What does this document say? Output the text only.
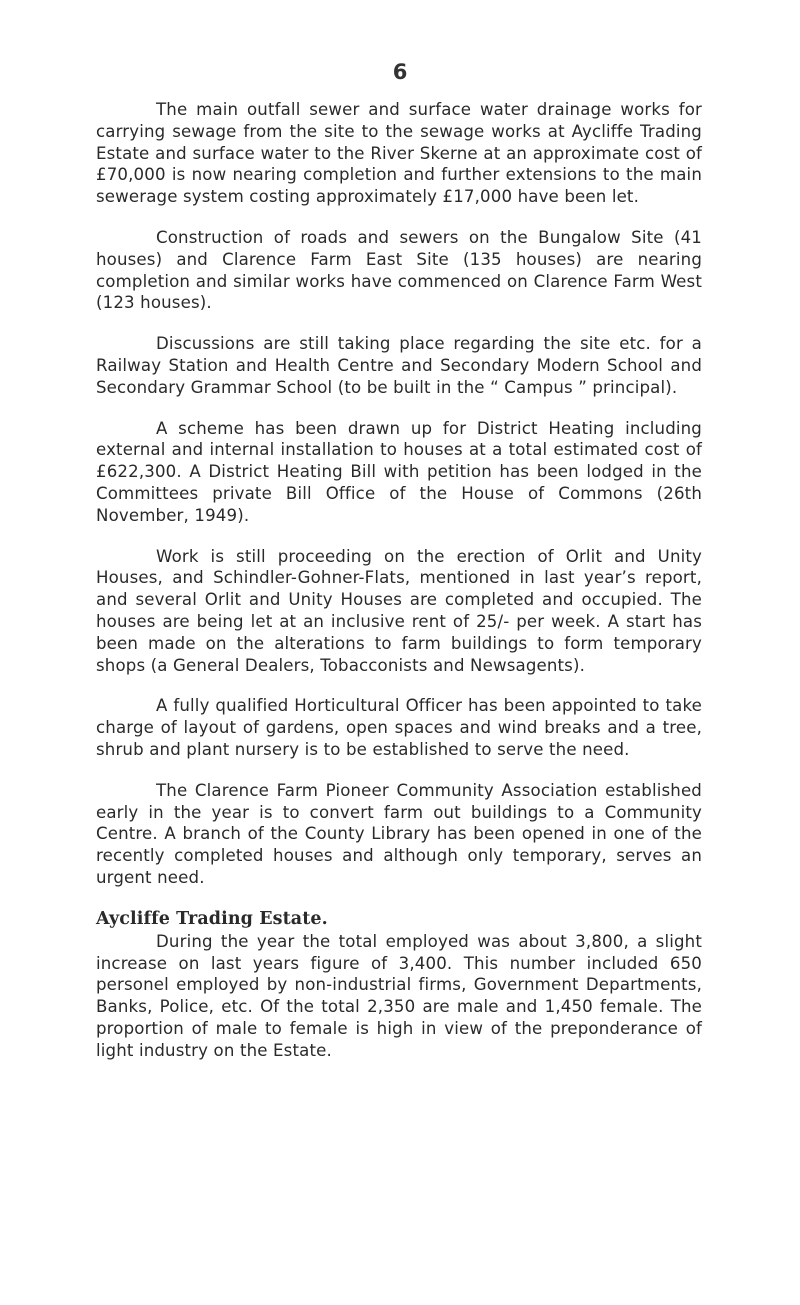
6

The main outfall sewer and surface water drainage works for carrying sewage from the site to the sewage works at Aycliffe Trading Estate and surface water to the River Skerne at an approximate cost of £70,000 is now nearing completion and further extensions to the main sewerage system costing approximately £17,000 have been let.

Construction of roads and sewers on the Bungalow Site (41 houses) and Clarence Farm East Site (135 houses) are nearing completion and similar works have commenced on Clarence Farm West (123 houses).

Discussions are still taking place regarding the site etc. for a Railway Station and Health Centre and Secondary Modern School and Secondary Grammar School (to be built in the “ Campus ” principal).

A scheme has been drawn up for District Heating including external and internal installation to houses at a total estimated cost of £622,300. A District Heating Bill with petition has been lodged in the Committees private Bill Office of the House of Commons (26th November, 1949).

Work is still proceeding on the erection of Orlit and Unity Houses, and Schindler-Gohner-Flats, mentioned in last year’s report, and several Orlit and Unity Houses are completed and occupied. The houses are being let at an inclusive rent of 25/- per week. A start has been made on the alterations to farm buildings to form temporary shops (a General Dealers, Tobacconists and Newsagents).

A fully qualified Horticultural Officer has been appointed to take charge of layout of gardens, open spaces and wind breaks and a tree, shrub and plant nursery is to be established to serve the need.

The Clarence Farm Pioneer Community Association established early in the year is to convert farm out buildings to a Community Centre. A branch of the County Library has been opened in one of the recently completed houses and although only temporary, serves an urgent need.

Aycliffe Trading Estate.

During the year the total employed was about 3,800, a slight increase on last years figure of 3,400. This number included 650 personel employed by non-industrial firms, Government Departments, Banks, Police, etc. Of the total 2,350 are male and 1,450 female. The proportion of male to female is high in view of the preponderance of light industry on the Estate.
